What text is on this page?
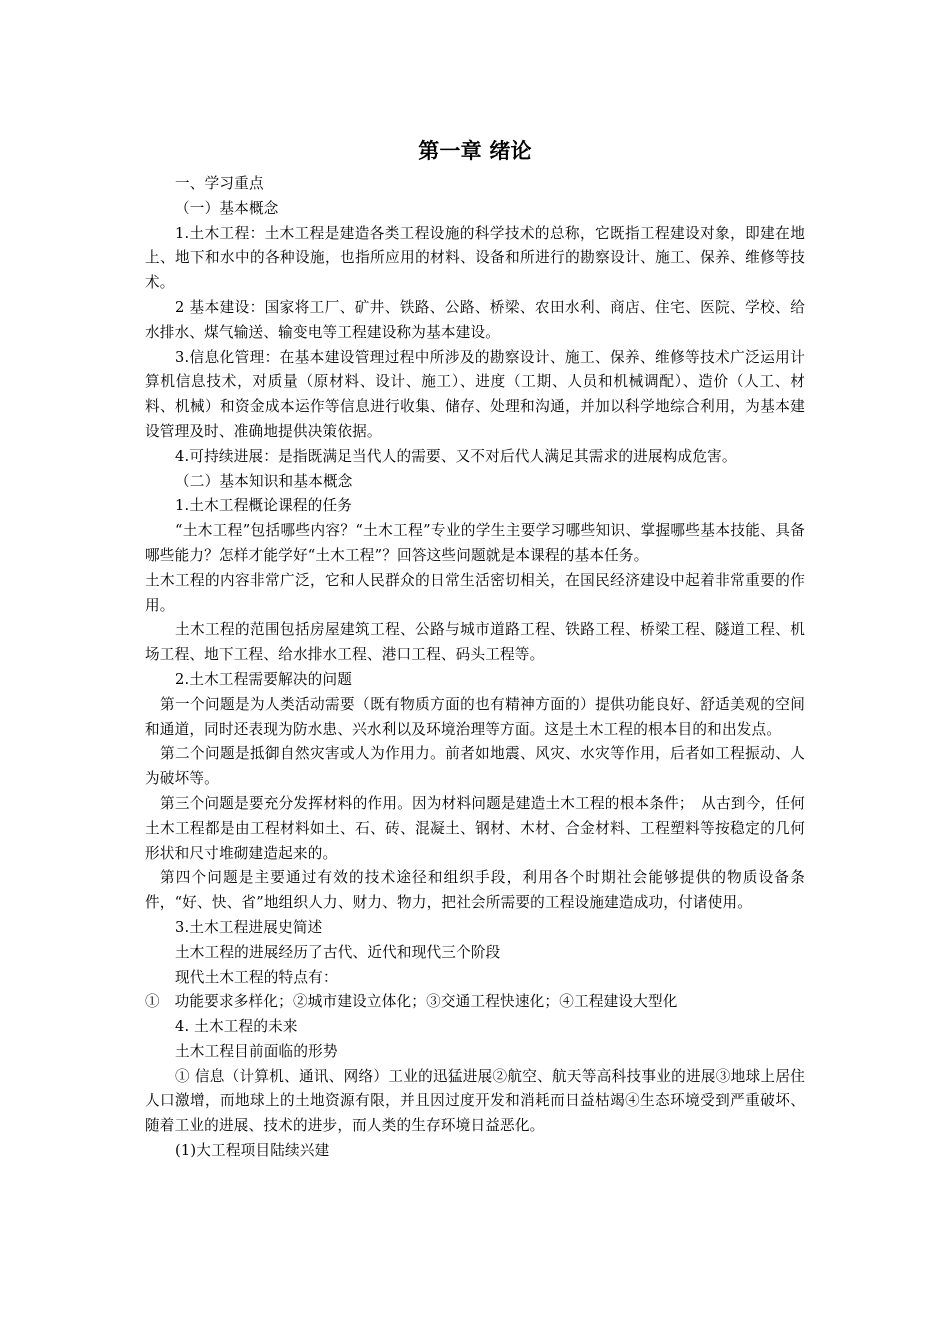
第一章 绪论

一、学习重点

（一）基本概念

1.土木工程：土木工程是建造各类工程设施的科学技术的总称，它既指工程建设对象，即建在地上、地下和水中的各种设施，也指所应用的材料、设备和所进行的勘察设计、施工、保养、维修等技术。

2 基本建设：国家将工厂、矿井、铁路、公路、桥梁、农田水利、商店、住宅、医院、学校、给水排水、煤气输送、输变电等工程建设称为基本建设。

3.信息化管理：在基本建设管理过程中所涉及的勘察设计、施工、保养、维修等技术广泛运用计算机信息技术，对质量（原材料、设计、施工）、进度（工期、人员和机械调配）、造价（人工、材料、机械）和资金成本运作等信息进行收集、储存、处理和沟通，并加以科学地综合利用，为基本建设管理及时、准确地提供决策依据。

4.可持续进展：是指既满足当代人的需要、又不对后代人满足其需求的进展构成危害。

（二）基本知识和基本概念

1.土木工程概论课程的任务

“土木工程”包括哪些内容？“土木工程”专业的学生主要学习哪些知识、掌握哪些基本技能、具备哪些能力？怎样才能学好“土木工程”？回答这些问题就是本课程的基本任务。

土木工程的内容非常广泛，它和人民群众的日常生活密切相关，在国民经济建设中起着非常重要的作用。

土木工程的范围包括房屋建筑工程、公路与城市道路工程、铁路工程、桥梁工程、隧道工程、机场工程、地下工程、给水排水工程、港口工程、码头工程等。

2.土木工程需要解决的问题

第一个问题是为人类活动需要（既有物质方面的也有精神方面的）提供功能良好、舒适美观的空间和通道，同时还表现为防水患、兴水利以及环境治理等方面。这是土木工程的根本目的和出发点。

第二个问题是抵御自然灾害或人为作用力。前者如地震、风灾、水灾等作用，后者如工程振动、人为破坏等。

第三个问题是要充分发挥材料的作用。因为材料问题是建造土木工程的根本条件；　从古到今，任何土木工程都是由工程材料如土、石、砖、混凝土、钢材、木材、合金材料、工程塑料等按稳定的几何形状和尺寸堆砌建造起来的。

第四个问题是主要通过有效的技术途径和组织手段，利用各个时期社会能够提供的物质设备条件，“好、快、省”地组织人力、财力、物力，把社会所需要的工程设施建造成功，付诸使用。

3.土木工程进展史简述

土木工程的进展经历了古代、近代和现代三个阶段

现代土木工程的特点有：

①　功能要求多样化；②城市建设立体化；③交通工程快速化；④工程建设大型化

4. 土木工程的未来

土木工程目前面临的形势

① 信息（计算机、通讯、网络）工业的迅猛进展②航空、航天等高科技事业的进展③地球上居住人口激增，而地球上的土地资源有限，并且因过度开发和消耗而日益枯竭④生态环境受到严重破坏、随着工业的进展、技术的进步，而人类的生存环境日益恶化。

(1)大工程项目陆续兴建
